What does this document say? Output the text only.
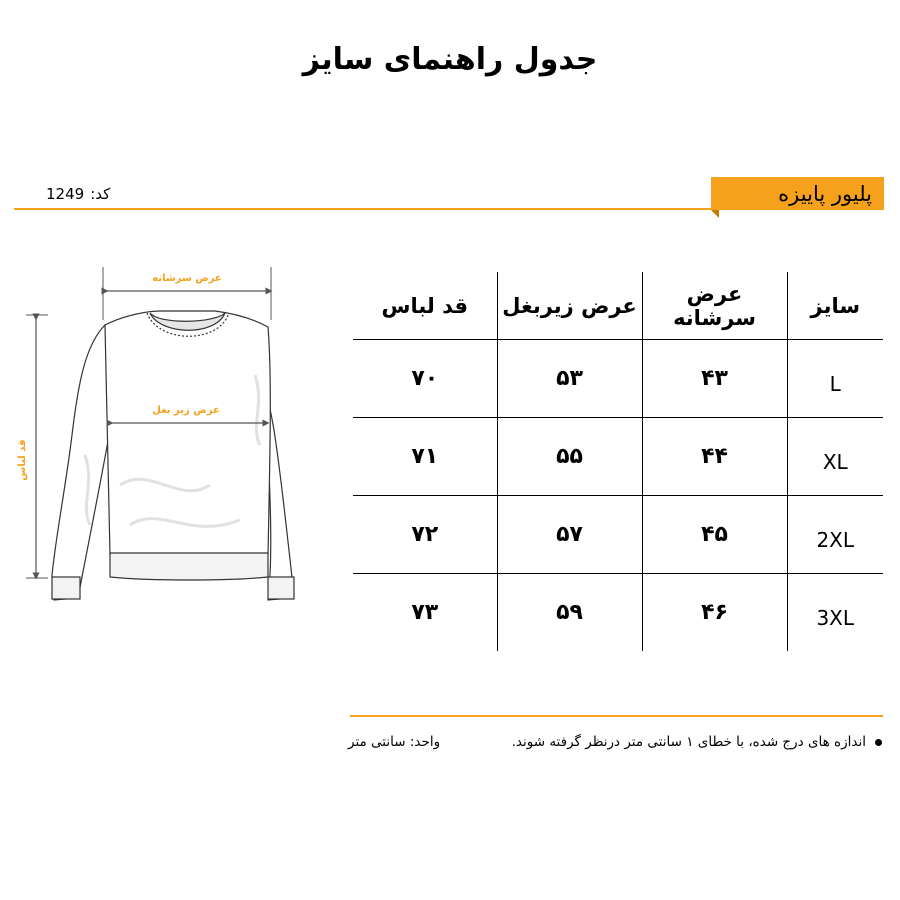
جدول راهنمای سایز
پلیور پاییزه
کد:1249
عرض سرشانه
قد لباس
عرض زیر بغل
سایز	عرض سرشانه	عرض زیربغل	قد لباس
L	۴۳	۵۳	۷۰
XL	۴۴	۵۵	۷۱
2XL	۴۵	۵۷	۷۲
3XL	۴۶	۵۹	۷۳
اندازه های درج شده، با خطای ۱ سانتی متر درنظر گرفته شوند.
واحد: سانتی متر
